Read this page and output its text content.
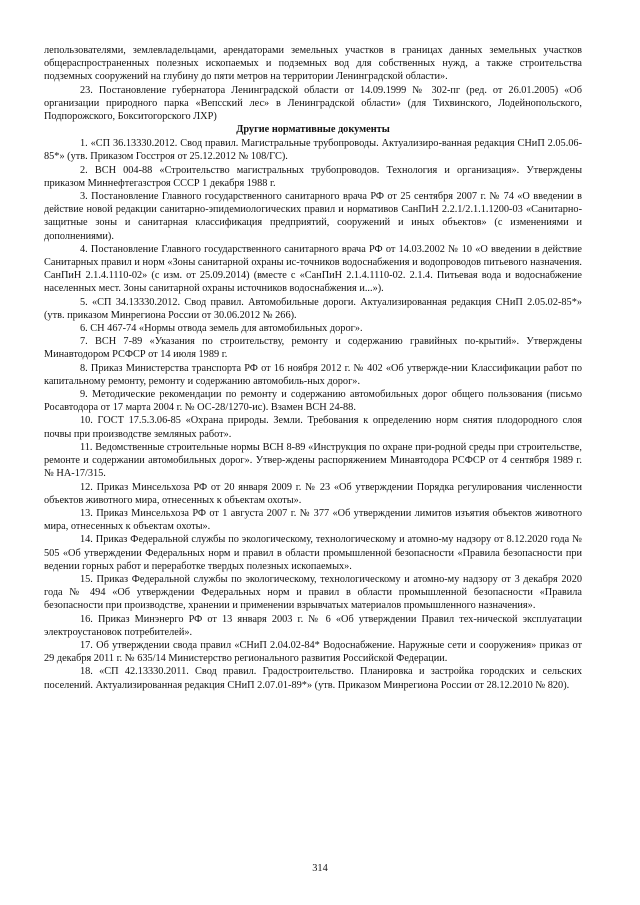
лепользователями, землевладельцами, арендаторами земельных участков в границах данных земельных участков общераспространенных полезных ископаемых и подземных вод для собственных нужд, а также строительства подземных сооружений на глубину до пяти метров на территории Ленинградской области».

23. Постановление губернатора Ленинградской области от 14.09.1999 № 302-пг (ред. от 26.01.2005) «Об организации природного парка «Вепсский лес» в Ленинградской области» (для Тихвинского, Лодейнопольского, Подпорожского, Бокситогорского ЛХР)

Другие нормативные документы

1. «СП 36.13330.2012. Свод правил. Магистральные трубопроводы. Актуализиро-ванная редакция СНиП 2.05.06-85*» (утв. Приказом Госстроя от 25.12.2012 № 108/ГС).

2. ВСН 004-88 «Строительство магистральных трубопроводов. Технология и организация». Утверждены приказом Миннефтегазстроя СССР 1 декабря 1988 г.

3. Постановление Главного государственного санитарного врача РФ от 25 сентября 2007 г. № 74 «О введении в действие новой редакции санитарно-эпидемиологических правил и нормативов СанПиН 2.2.1/2.1.1.1200-03 «Санитарно-защитные зоны и санитарная классификация предприятий, сооружений и иных объектов» (с изменениями и дополнениями).

4. Постановление Главного государственного санитарного врача РФ от 14.03.2002 № 10 «О введении в действие Санитарных правил и норм «Зоны санитарной охраны ис-точников водоснабжения и водопроводов питьевого назначения. СанПиН 2.1.4.1110-02» (с изм. от 25.09.2014) (вместе с «СанПиН 2.1.4.1110-02. 2.1.4. Питьевая вода и водоснабжение населенных мест. Зоны санитарной охраны источников водоснабжения и...»).

5. «СП 34.13330.2012. Свод правил. Автомобильные дороги. Актуализированная редакция СНиП 2.05.02-85*» (утв. приказом Минрегиона России от 30.06.2012 № 266).

6. СН 467-74 «Нормы отвода земель для автомобильных дорог».

7. ВСН 7-89 «Указания по строительству, ремонту и содержанию гравийных по-крытий». Утверждены Минавтодором РСФСР от 14 июля 1989 г.

8. Приказ Министерства транспорта РФ от 16 ноября 2012 г. № 402 «Об утвержде-нии Классификации работ по капитальному ремонту, ремонту и содержанию автомобиль-ных дорог».

9. Методические рекомендации по ремонту и содержанию автомобильных дорог общего пользования (письмо Росавтодора от 17 марта 2004 г. № ОС-28/1270-ис). Взамен ВСН 24-88.

10. ГОСТ 17.5.3.06-85 «Охрана природы. Земли. Требования к определению норм снятия плодородного слоя почвы при производстве земляных работ».

11. Ведомственные строительные нормы ВСН 8-89 «Инструкция по охране при-родной среды при строительстве, ремонте и содержании автомобильных дорог». Утвер-ждены распоряжением Минавтодора РСФСР от 4 сентября 1989 г. № НА-17/315.

12. Приказ Минсельхоза РФ от 20 января 2009 г. № 23 «Об утверждении Порядка регулирования численности объектов животного мира, отнесенных к объектам охоты».

13. Приказ Минсельхоза РФ от 1 августа 2007 г. № 377 «Об утверждении лимитов изъятия объектов животного мира, отнесенных к объектам охоты».

14. Приказ Федеральной службы по экологическому, технологическому и атомно-му надзору от 8.12.2020 года № 505 «Об утверждении Федеральных норм и правил в области промышленной безопасности «Правила безопасности при ведении горных работ и переработке твердых полезных ископаемых».

15. Приказ Федеральной службы по экологическому, технологическому и атомно-му надзору от 3 декабря 2020 года № 494 «Об утверждении Федеральных норм и правил в области промышленной безопасности «Правила безопасности при производстве, хранении и применении взрывчатых материалов промышленного назначения».

16. Приказ Минэнерго РФ от 13 января 2003 г. № 6 «Об утверждении Правил тех-нической эксплуатации электроустановок потребителей».

17. Об утверждении свода правил «СНиП 2.04.02-84* Водоснабжение. Наружные сети и сооружения» приказ от 29 декабря 2011 г. № 635/14 Министерство регионального развития Российской Федерации.

18. «СП 42.13330.2011. Свод правил. Градостроительство. Планировка и застройка городских и сельских поселений. Актуализированная редакция СНиП 2.07.01-89*» (утв. Приказом Минрегиона России от 28.12.2010 № 820).

314
